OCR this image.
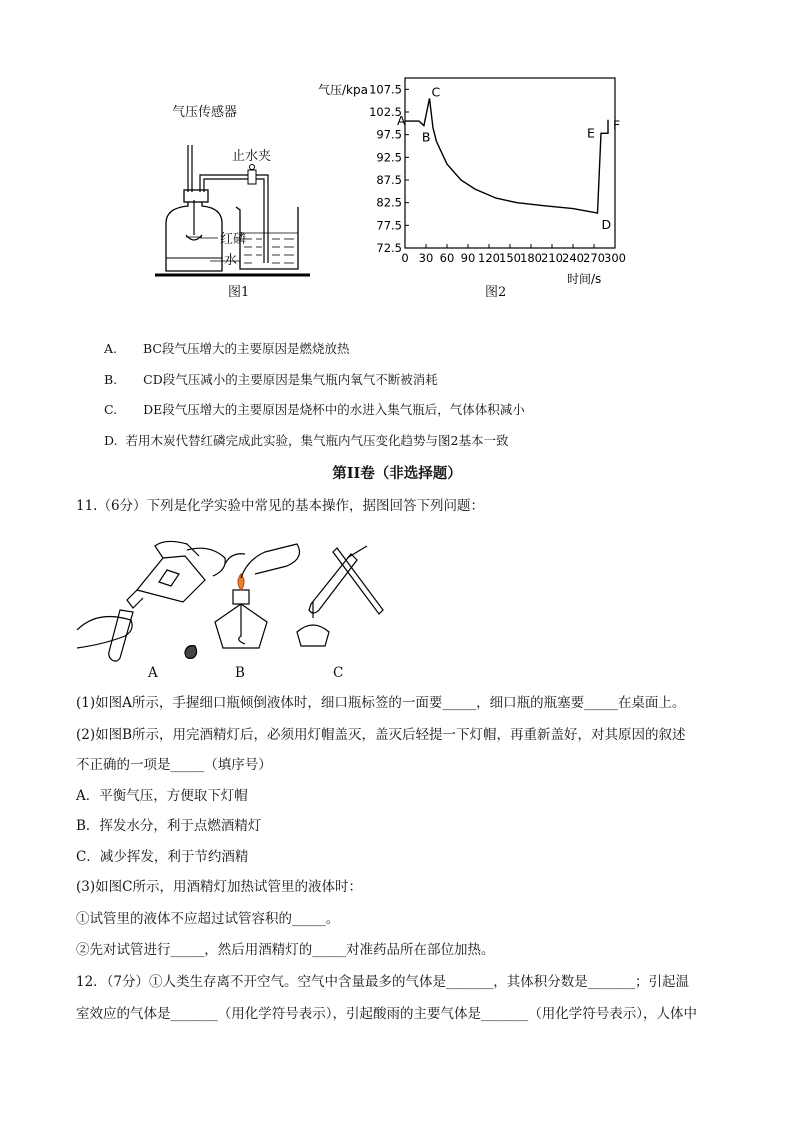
气压传感器
止水夹
红磷
水
图1
气压/kpa
时间/s
0 30 60 90 120 150 180 210 240 270 300
107.5
102.5
97.5
92.5
87.5
82.5
77.5
72.5
A
B
C
D
E
F
图2
A. BC段气压增大的主要原因是燃烧放热
B. CD段气压减小的主要原因是集气瓶内氧气不断被消耗
C. DE段气压增大的主要原因是烧杯中的水进入集气瓶后，气体体积减小
D. 若用木炭代替红磷完成此实验，集气瓶内气压变化趋势与图2基本一致
第II卷（非选择题）
11.（6分）下列是化学实验中常见的基本操作，据图回答下列问题：
A	B	C
(1)如图A所示，手握细口瓶倾倒液体时，细口瓶标签的一面要_____，细口瓶的瓶塞要_____在桌面上。
(2)如图B所示，用完酒精灯后，必须用灯帽盖灭，盖灭后轻提一下灯帽，再重新盖好，对其原因的叙述
不正确的一项是_____（填序号）
A．平衡气压，方便取下灯帽
B．挥发水分，利于点燃酒精灯
C．减少挥发，利于节约酒精
(3)如图C所示，用酒精灯加热试管里的液体时：
①试管里的液体不应超过试管容积的_____。
②先对试管进行_____，然后用酒精灯的_____对准药品所在部位加热。
12．（7分）①人类生存离不开空气。空气中含量最多的气体是_______，其体积分数是_______；引起温
室效应的气体是_______（用化学符号表示），引起酸雨的主要气体是_______（用化学符号表示），人体中
